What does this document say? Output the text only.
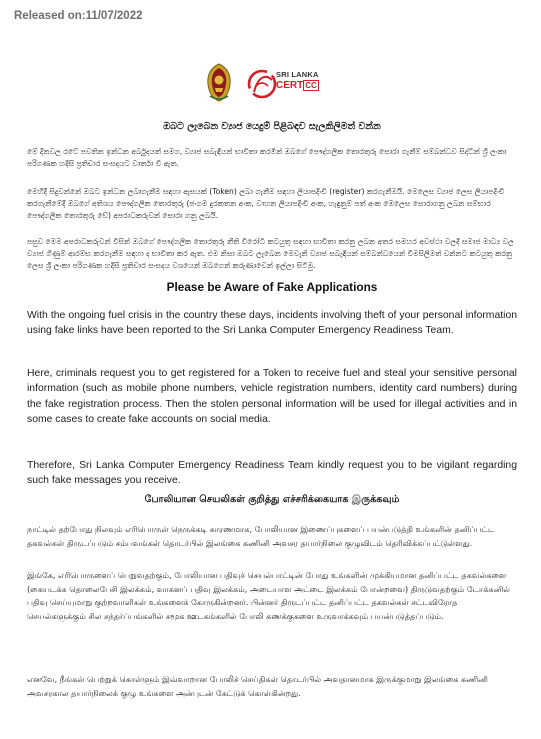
Released on:11/07/2022
SRI LANKA
CERT CC
ඔබට ලැබෙන ව්‍යාජ යෙදුම් පිළිබඳව සැලකිලිමත් වන්න
මේ දිනවල රටේ පවතින ඉන්ධන අර්බුදයත් සමග, ව්‍යාජ සබැඳියන් භාවිතා කරමින් ඔබගේ පෞද්ගලික තොරතුරු සොරා ගැනීම් සම්බන්ධව සිද්ධීන් ශ්‍රී ලංකා පරිගණක හදිසි ප්‍රතිචාර සංසදයට වාර්තා වී ඇත.
මෙහිදී සිදුවන්නේ ඔබට ඉන්ධන ලබාගැනීම සඳහා ඇසයක් (Token) ලබා ගැනීම සඳහා ලියාපදිංචි (register) කරගැනීමයි. මෙලෙස ව්‍යාජ ලෙස ලියාපදිංචි කරගැනීමේදී ඔබගේ අතිශය පෞද්ගලික තොරතුරු (ජංගම දුරකතන අංක, වාහන ලියාපදිංචි අංක, හැඳුනුම් පත් අංක මෙලෙස සොරාගනු ලබන සම්භාර පෞද්ගලික තොරතුරු වේ) අපරාධකරුවන් සොරා ගනු ලබයි.
පසුව මෙම අපරාධකරුවන් විසින් ඔබගේ පෞද්ගලික තොරතුරු නීති විරෝධී කටයුතු සඳහා භාවිතා කරනු ලබන අතර සමහර අවස්ථා වලදී සමාජ මාධ්‍ය වල ව්‍යාජ ගිණුම් ආරම්භ කරගැනීම සඳහා ද භාවිතා කර ඇත. එම නිසා ඔබට ලැබෙන මෙවැනි ව්‍යාජ සබැඳියන් සම්බන්ධයෙන් විමසිලිමත් වන්නට කටයුතු කරනු ලෙස ශ්‍රී ලංකා පරිගණක හදිසි ප්‍රතිචාර සංසදය වශයෙන් ඔබගෙන් කරුණාවෙන් ඉල්ලා සිටිමු.
Please be Aware of Fake Applications
With the ongoing fuel crisis in the country these days, incidents involving theft of your personal information using fake links have been reported to the Sri Lanka Computer Emergency Readiness Team.
Here, criminals request you to get registered for a Token to receive fuel and steal your sensitive personal information (such as mobile phone numbers, vehicle registration numbers, identity card numbers) during the fake registration process. Then the stolen personal information will be used for illegal activities and in some cases to create fake accounts on social media.
Therefore, Sri Lanka Computer Emergency Readiness Team kindly request you to be vigilant regarding such fake messages you receive.
போலியான செயலிகள் குறித்து எச்சரிக்கையாக இருக்கவும்
நாட்டில் தற்போது நிலவும் எரிபொருள் நெருக்கடி காரணமாக, போலியான இணைப்புகளைப் பயன்படுத்தி உங்களின் தனிப்பட்ட தகவல்கள் திருடப்படும் சம்பவங்கள் தொடர்பில் இலங்கை கணினி அவசர தயார்நிலை குழுவிடம் தெரிவிக்கப்பட்டுள்ளது.
இங்கே, எரிபொருளைப் பெறுவதற்கும், போலியான பதிவுச் செயல்பாட்டின் போது உங்களின் முக்கியமான தனிப்பட்ட தகவல்களை (கையடக்க தொலைபேசி இலக்கம், வாகனப் பதிவு இலக்கம், அடையாள அட்டை இலக்கம் போன்றவை) திருடுவதற்கும் டோக்கனில் பதிவு செய்யுமாறு குற்றவாளிகள் உங்களைக் கோருகின்றனர். பின்னர் திருடப்பட்ட தனிப்பட்ட தகவல்கள் சட்டவிரோத செயல்களுக்கும் சில சந்தர்ப்பங்களில் சமூக ஊடகங்களில் போலி கணக்குகளை உருவாக்கவும் பயன்படுத்தப்படும்.
எனவே, நீங்கள் பெற்றுக் கொள்ளும் இவ்வாறான போலிச் செய்திகள் தொடர்பில் அவதானமாக இருக்குமாறு இலங்கை கணினி அவசரகால தயார்நிலைக் குழு உங்களை அன்புடன் கேட்டுக் கொள்கின்றது.
